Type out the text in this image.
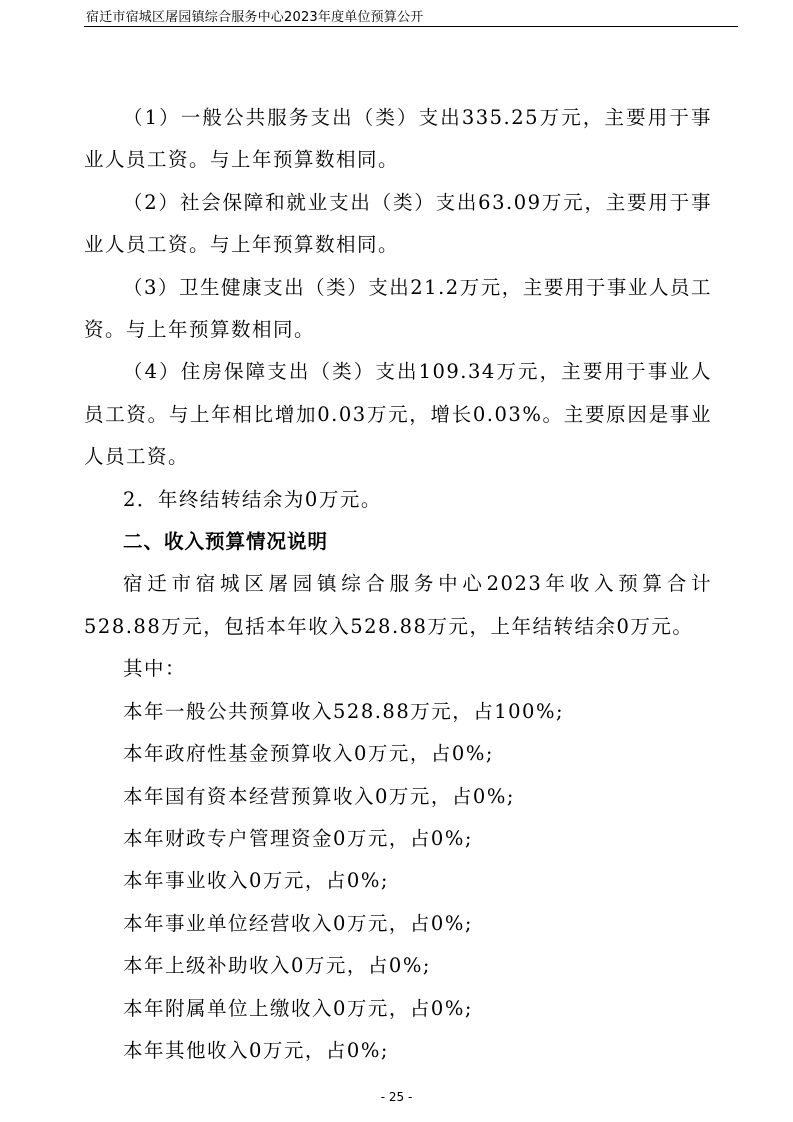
宿迁市宿城区屠园镇综合服务中心2023年度单位预算公开

（1）一般公共服务支出（类）支出335.25万元，主要用于事业人员工资。与上年预算数相同。

（2）社会保障和就业支出（类）支出63.09万元，主要用于事业人员工资。与上年预算数相同。

（3）卫生健康支出（类）支出21.2万元，主要用于事业人员工资。与上年预算数相同。

（4）住房保障支出（类）支出109.34万元，主要用于事业人员工资。与上年相比增加0.03万元，增长0.03%。主要原因是事业人员工资。

2．年终结转结余为0万元。

二、收入预算情况说明

宿迁市宿城区屠园镇综合服务中心2023年收入预算合计528.88万元，包括本年收入528.88万元，上年结转结余0万元。

其中：

本年一般公共预算收入528.88万元，占100%;

本年政府性基金预算收入0万元，占0%;

本年国有资本经营预算收入0万元，占0%;

本年财政专户管理资金0万元，占0%;

本年事业收入0万元，占0%;

本年事业单位经营收入0万元，占0%;

本年上级补助收入0万元，占0%;

本年附属单位上缴收入0万元，占0%;

本年其他收入0万元，占0%;

- 25 -
